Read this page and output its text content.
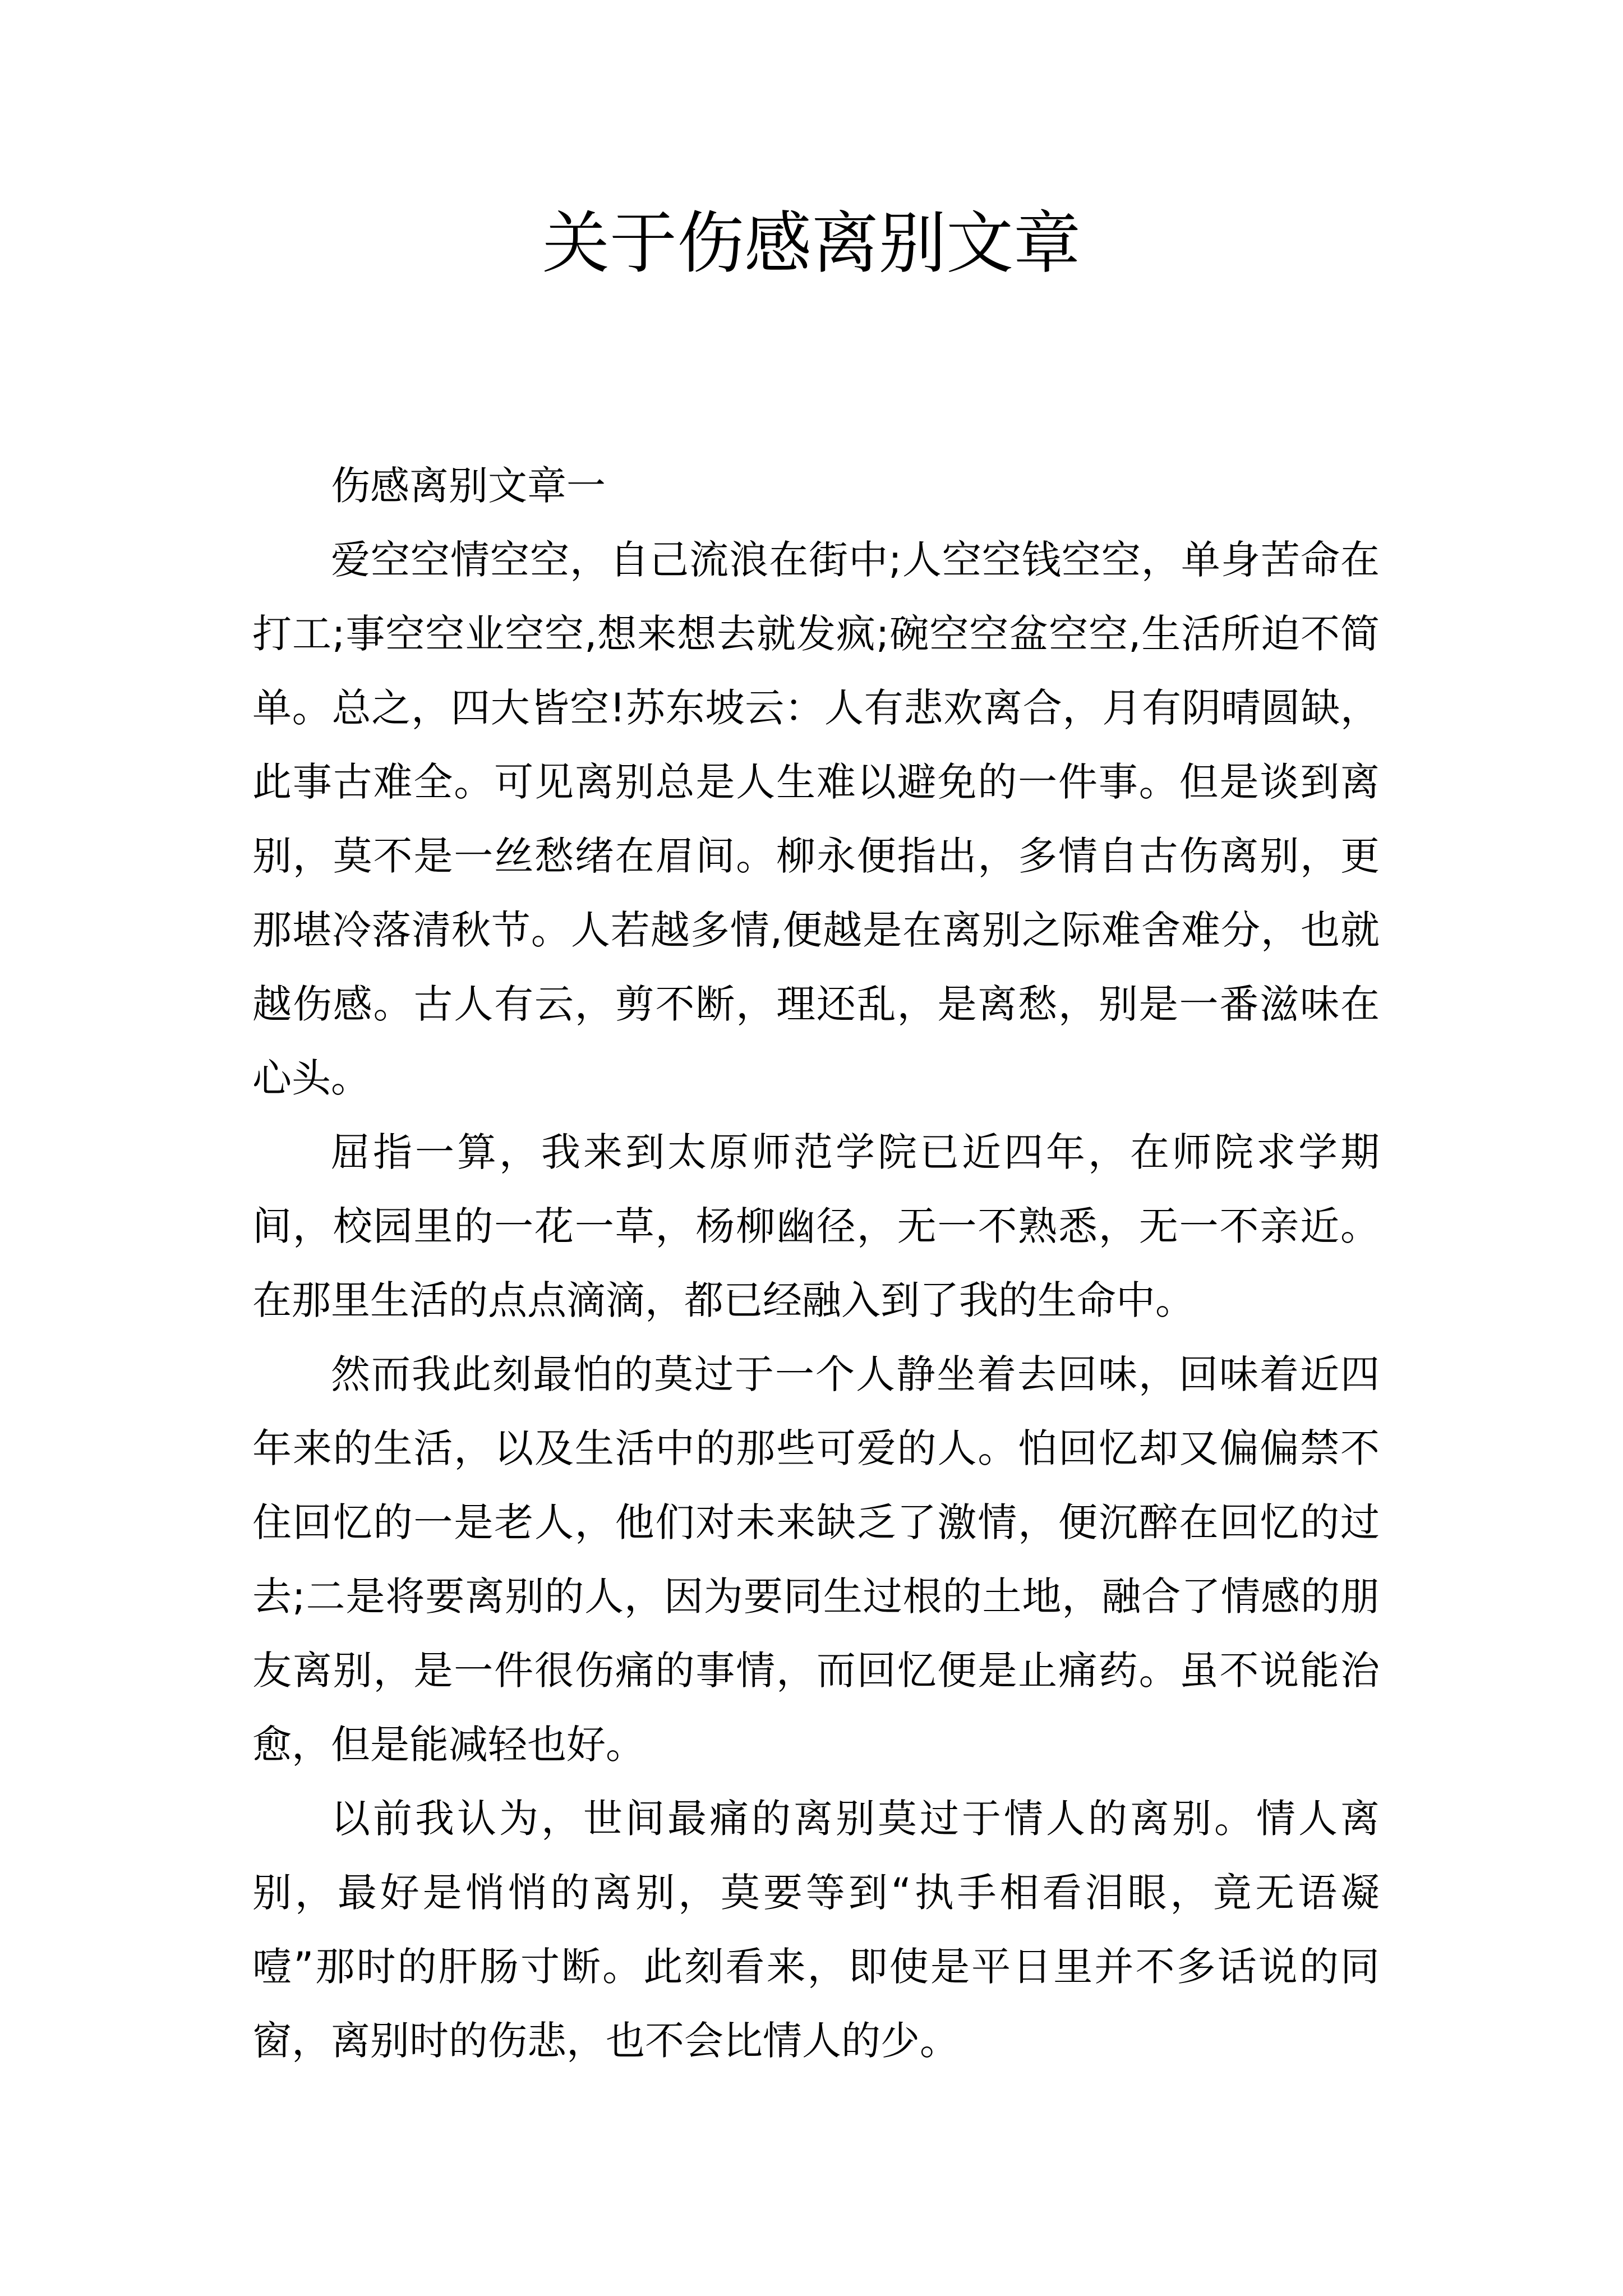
关于伤感离别文章

伤感离别文章一

爱空空情空空，自己流浪在街中;人空空钱空空，单身苦命在打工;事空空业空空,想来想去就发疯;碗空空盆空空,生活所迫不简单。总之，四大皆空!苏东坡云：人有悲欢离合，月有阴晴圆缺，此事古难全。可见离别总是人生难以避免的一件事。但是谈到离别，莫不是一丝愁绪在眉间。柳永便指出，多情自古伤离别，更那堪冷落清秋节。人若越多情,便越是在离别之际难舍难分，也就越伤感。古人有云，剪不断，理还乱，是离愁，别是一番滋味在心头。

屈指一算，我来到太原师范学院已近四年，在师院求学期间，校园里的一花一草，杨柳幽径，无一不熟悉，无一不亲近。在那里生活的点点滴滴，都已经融入到了我的生命中。

然而我此刻最怕的莫过于一个人静坐着去回味，回味着近四年来的生活，以及生活中的那些可爱的人。怕回忆却又偏偏禁不住回忆的一是老人，他们对未来缺乏了激情，便沉醉在回忆的过去;二是将要离别的人，因为要同生过根的土地，融合了情感的朋友离别，是一件很伤痛的事情，而回忆便是止痛药。虽不说能治愈，但是能减轻也好。

以前我认为，世间最痛的离别莫过于情人的离别。情人离别，最好是悄悄的离别，莫要等到“执手相看泪眼，竟无语凝噎”那时的肝肠寸断。此刻看来，即使是平日里并不多话说的同窗，离别时的伤悲，也不会比情人的少。
